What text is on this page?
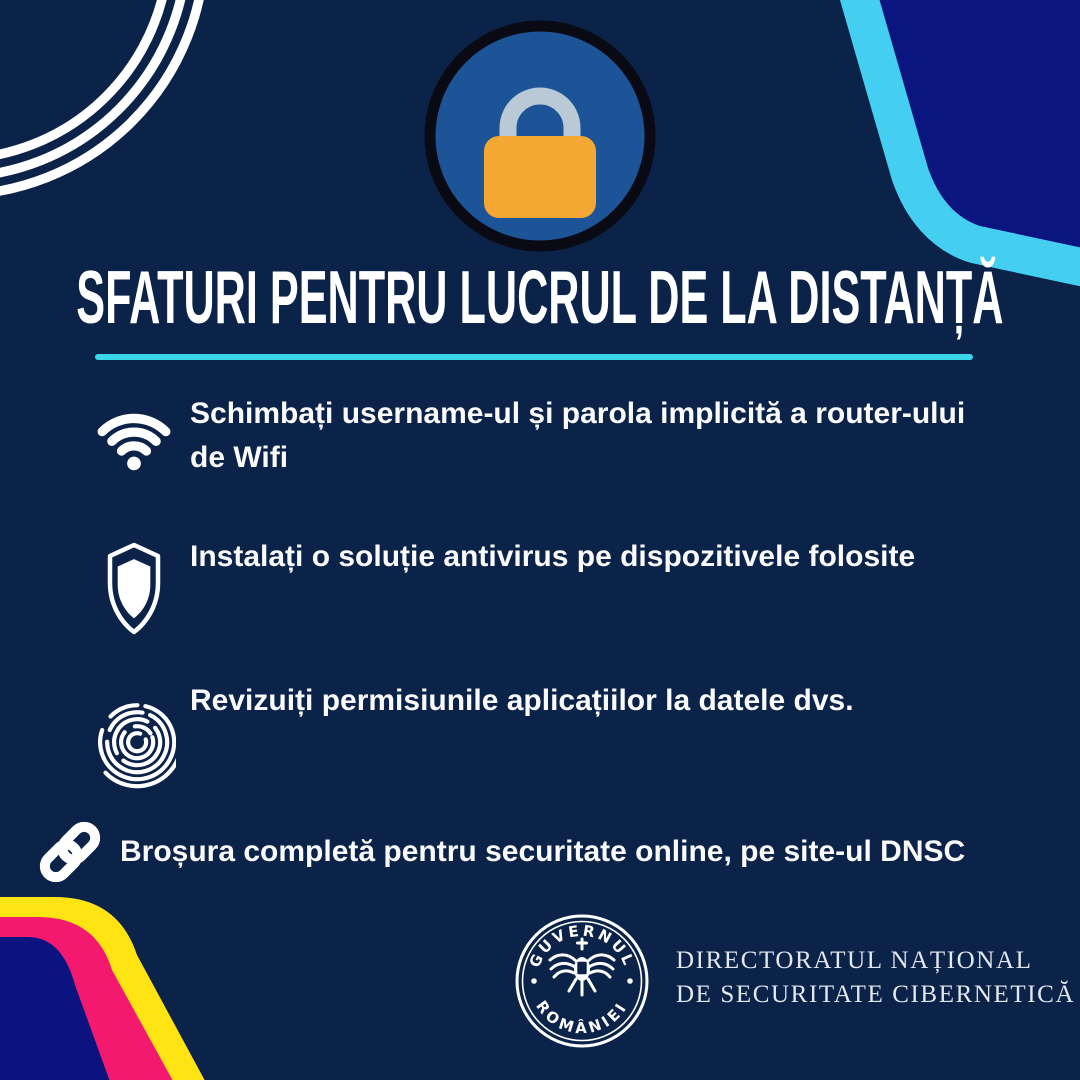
SFATURI PENTRU LUCRUL DE LA DISTANȚĂ

Schimbați username-ul și parola implicită a router-ului de Wifi

Instalați o soluție antivirus pe dispozitivele folosite

Revizuiți permisiunile aplicațiilor la datele dvs.

Broșura completă pentru securitate online, pe site-ul DNSC

GUVERNUL
ROMÂNIEI
DIRECTORATUL NAȚIONAL
DE SECURITATE CIBERNETICĂ
